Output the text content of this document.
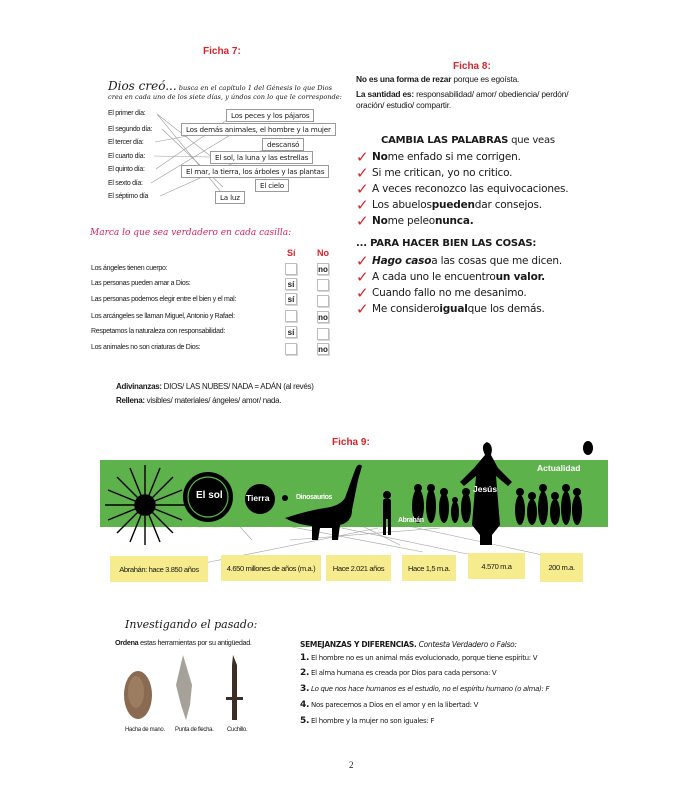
Ficha 7:
Dios creó... busca en el capítulo 1 del Génesis lo que Dios crea en cada uno de los siete días, y úndos con lo que le corresponde:
El primer día:
El segundo día:
El tercer día:
El cuarto día:
El quinto día:
El sexto día:
El séptimo día
Los peces y los pájaros
Los demás animales, el hombre y la mujer
descansó
El sol, la luna y las estrellas
El mar, la tierra, los árboles y las plantas
El cielo
La luz
Marca lo que sea verdadero en cada casilla:
Sí No
Los ángeles tienen cuerpo:	no
Las personas pueden amar a Dios:	sí
Las personas podemos elegir entre el bien y el mal:	sí
Los arcángeles se llaman Miguel, Antonio y Rafael:	no
Respetamos la naturaleza con responsabilidad:	sí
Los animales no son criaturas de Dios:	no
Adivinanzas: DIOS/ LAS NUBES/ NADA = ADÁN (al revés)
Rellena: visibles/ materiales/ ángeles/ amor/ nada.
Ficha 8:
No es una forma de rezar porque es egoísta.
La santidad es: responsabilidad/ amor/ obediencia/ perdón/ oración/ estudio/ compartir.
CAMBIA LAS PALABRAS que veas
✓ No me enfado si me corrigen.
✓ Si me critican, yo no critico.
✓ A veces reconozco las equivocaciones.
✓ Los abuelos pueden dar consejos.
✓ No me peleo nunca.
... PARA HACER BIEN LAS COSAS:
✓ Hago caso a las cosas que me dicen.
✓ A cada uno le encuentro un valor.
✓ Cuando fallo no me desanimo.
✓ Me considero igual que los demás.
Ficha 9:
El sol	Tierra	Dinosaurios
Abrahán
Jesús
Actualidad
Abrahán: hace 3.850 años	4.650 millones de años (m.a.)	Hace 2.021 años	Hace 1,5 m.a.	4.570 m.a	200 m.a.
Investigando el pasado:
Ordena estas herramientas por su antigüedad.
Hacha de mano. Punta de flecha. Cuchillo.
SEMEJANZAS Y DIFERENCIAS. Contesta Verdadero o Falso:
1. El hombre no es un animal más evolucionado, porque tiene espíritu: V
2. El alma humana es creada por Dios para cada persona: V
3. Lo que nos hace humanos es el estudio, no el espíritu humano (o alma): F
4. Nos parecemos a Dios en el amor y en la libertad: V
5. El hombre y la mujer no son iguales: F
2
